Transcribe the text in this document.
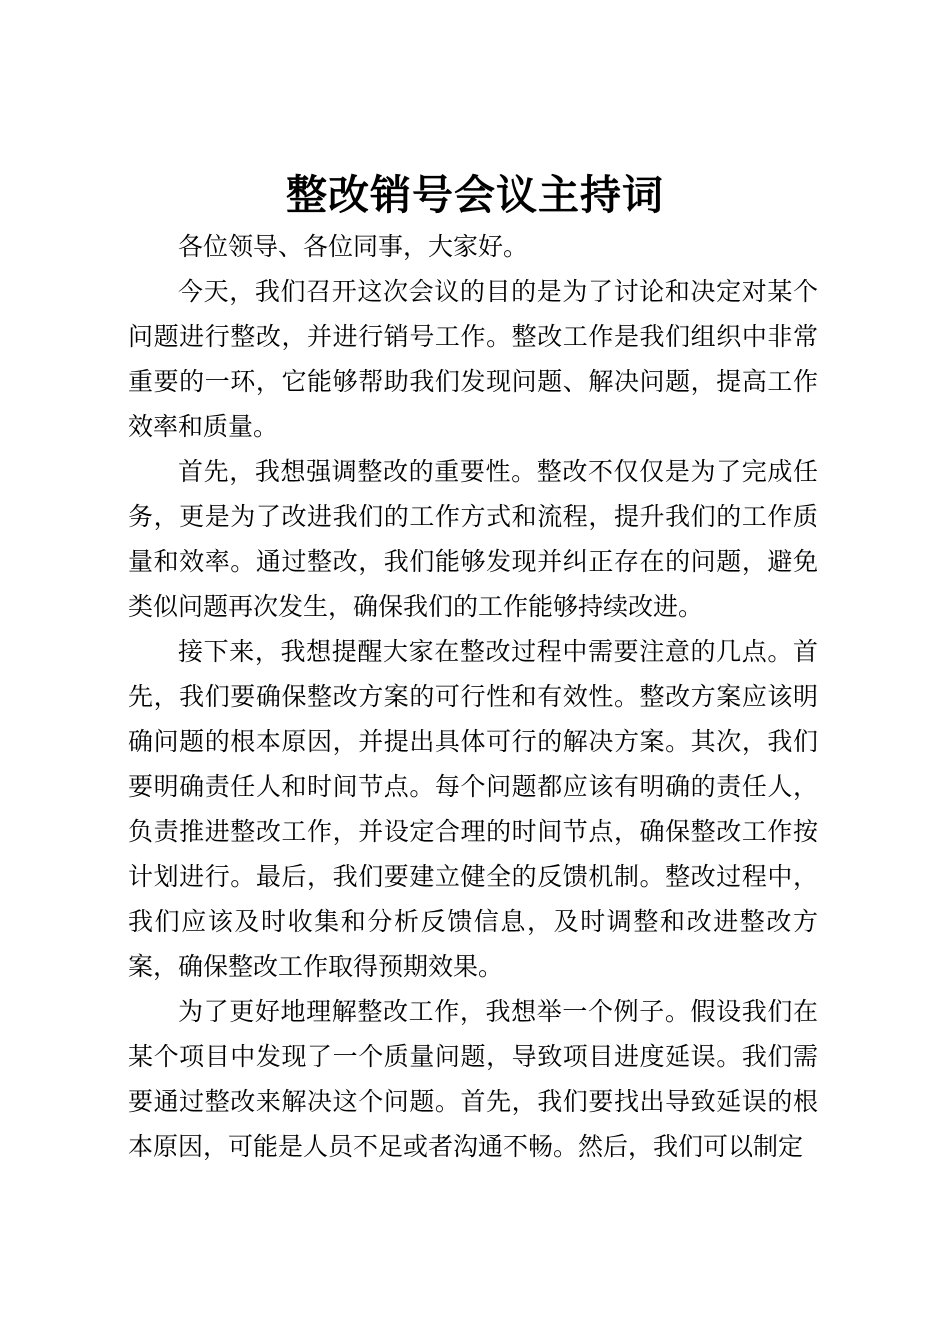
整改销号会议主持词

各位领导、各位同事，大家好。

今天，我们召开这次会议的目的是为了讨论和决定对某个问题进行整改，并进行销号工作。整改工作是我们组织中非常重要的一环，它能够帮助我们发现问题、解决问题，提高工作效率和质量。

首先，我想强调整改的重要性。整改不仅仅是为了完成任务，更是为了改进我们的工作方式和流程，提升我们的工作质量和效率。通过整改，我们能够发现并纠正存在的问题，避免类似问题再次发生，确保我们的工作能够持续改进。

接下来，我想提醒大家在整改过程中需要注意的几点。首先，我们要确保整改方案的可行性和有效性。整改方案应该明确问题的根本原因，并提出具体可行的解决方案。其次，我们要明确责任人和时间节点。每个问题都应该有明确的责任人，负责推进整改工作，并设定合理的时间节点，确保整改工作按计划进行。最后，我们要建立健全的反馈机制。整改过程中，我们应该及时收集和分析反馈信息，及时调整和改进整改方案，确保整改工作取得预期效果。

为了更好地理解整改工作，我想举一个例子。假设我们在某个项目中发现了一个质量问题，导致项目进度延误。我们需要通过整改来解决这个问题。首先，我们要找出导致延误的根本原因，可能是人员不足或者沟通不畅。然后，我们可以制定
